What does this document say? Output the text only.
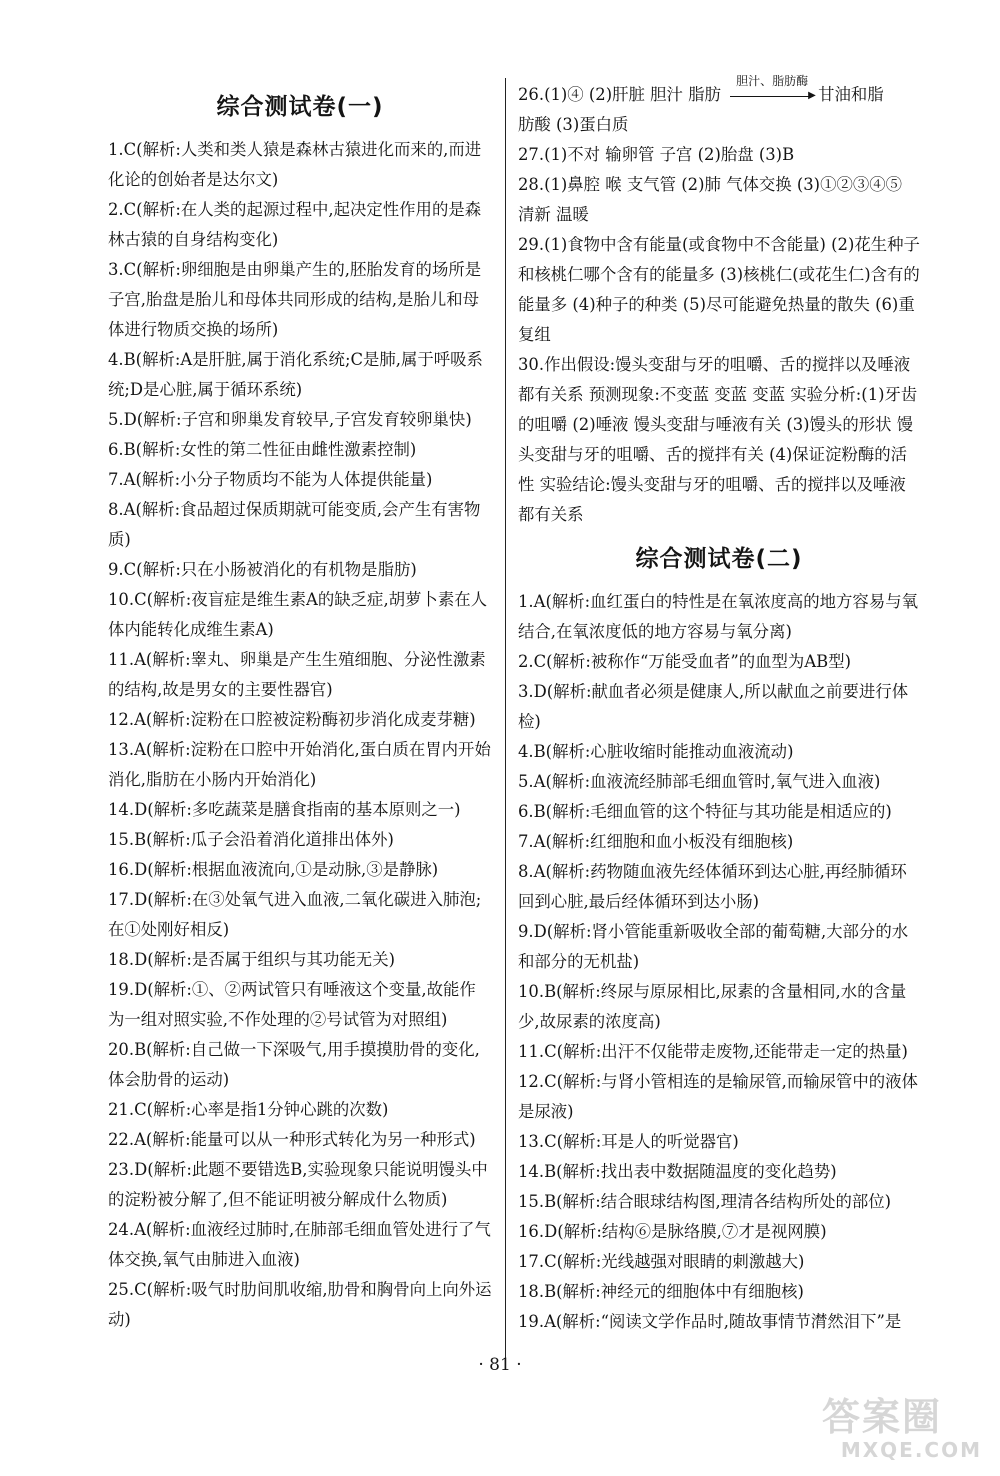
综合测试卷(一)
1.C(解析:人类和类人猿是森林古猿进化而来的,而进化论的创始者是达尔文)
2.C(解析:在人类的起源过程中,起决定性作用的是森林古猿的自身结构变化)
3.C(解析:卵细胞是由卵巢产生的,胚胎发育的场所是子宫,胎盘是胎儿和母体共同形成的结构,是胎儿和母体进行物质交换的场所)
4.B(解析:A是肝脏,属于消化系统;C是肺,属于呼吸系统;D是心脏,属于循环系统)
5.D(解析:子宫和卵巢发育较早,子宫发育较卵巢快)
6.B(解析:女性的第二性征由雌性激素控制)
7.A(解析:小分子物质均不能为人体提供能量)
8.A(解析:食品超过保质期就可能变质,会产生有害物质)
9.C(解析:只在小肠被消化的有机物是脂肪)
10.C(解析:夜盲症是维生素A的缺乏症,胡萝卜素在人体内能转化成维生素A)
11.A(解析:睾丸、卵巢是产生生殖细胞、分泌性激素的结构,故是男女的主要性器官)
12.A(解析:淀粉在口腔被淀粉酶初步消化成麦芽糖)
13.A(解析:淀粉在口腔中开始消化,蛋白质在胃内开始消化,脂肪在小肠内开始消化)
14.D(解析:多吃蔬菜是膳食指南的基本原则之一)
15.B(解析:瓜子会沿着消化道排出体外)
16.D(解析:根据血液流向,①是动脉,③是静脉)
17.D(解析:在③处氧气进入血液,二氧化碳进入肺泡;在①处刚好相反)
18.D(解析:是否属于组织与其功能无关)
19.D(解析:①、②两试管只有唾液这个变量,故能作为一组对照实验,不作处理的②号试管为对照组)
20.B(解析:自己做一下深吸气,用手摸摸肋骨的变化,体会肋骨的运动)
21.C(解析:心率是指1分钟心跳的次数)
22.A(解析:能量可以从一种形式转化为另一种形式)
23.D(解析:此题不要错选B,实验现象只能说明馒头中的淀粉被分解了,但不能证明被分解成什么物质)
24.A(解析:血液经过肺时,在肺部毛细血管处进行了气体交换,氧气由肺进入血液)
25.C(解析:吸气时肋间肌收缩,肋骨和胸骨向上向外运动)
26.(1)④ (2)肝脏 胆汁 脂肪
胆汁、脂肪酶
▶ 甘油和脂
肪酸 (3)蛋白质
27.(1)不对 输卵管 子宫 (2)胎盘 (3)B
28.(1)鼻腔 喉 支气管 (2)肺 气体交换 (3)①②③④⑤ 清新 温暖
29.(1)食物中含有能量(或食物中不含能量) (2)花生种子和核桃仁哪个含有的能量多 (3)核桃仁(或花生仁)含有的能量多 (4)种子的种类 (5)尽可能避免热量的散失 (6)重复组
30.作出假设:馒头变甜与牙的咀嚼、舌的搅拌以及唾液都有关系 预测现象:不变蓝 变蓝 变蓝 实验分析:(1)牙齿的咀嚼 (2)唾液 馒头变甜与唾液有关 (3)馒头的形状 馒头变甜与牙的咀嚼、舌的搅拌有关 (4)保证淀粉酶的活性 实验结论:馒头变甜与牙的咀嚼、舌的搅拌以及唾液都有关系
综合测试卷(二)
1.A(解析:血红蛋白的特性是在氧浓度高的地方容易与氧结合,在氧浓度低的地方容易与氧分离)
2.C(解析:被称作“万能受血者”的血型为AB型)
3.D(解析:献血者必须是健康人,所以献血之前要进行体检)
4.B(解析:心脏收缩时能推动血液流动)
5.A(解析:血液流经肺部毛细血管时,氧气进入血液)
6.B(解析:毛细血管的这个特征与其功能是相适应的)
7.A(解析:红细胞和血小板没有细胞核)
8.A(解析:药物随血液先经体循环到达心脏,再经肺循环回到心脏,最后经体循环到达小肠)
9.D(解析:肾小管能重新吸收全部的葡萄糖,大部分的水和部分的无机盐)
10.B(解析:终尿与原尿相比,尿素的含量相同,水的含量少,故尿素的浓度高)
11.C(解析:出汗不仅能带走废物,还能带走一定的热量)
12.C(解析:与肾小管相连的是输尿管,而输尿管中的液体是尿液)
13.C(解析:耳是人的听觉器官)
14.B(解析:找出表中数据随温度的变化趋势)
15.B(解析:结合眼球结构图,理清各结构所处的部位)
16.D(解析:结构⑥是脉络膜,⑦才是视网膜)
17.C(解析:光线越强对眼睛的刺激越大)
18.B(解析:神经元的细胞体中有细胞核)
19.A(解析:“阅读文学作品时,随故事情节潸然泪下”是
· 81 ·
答案圈
MXQE.COM
